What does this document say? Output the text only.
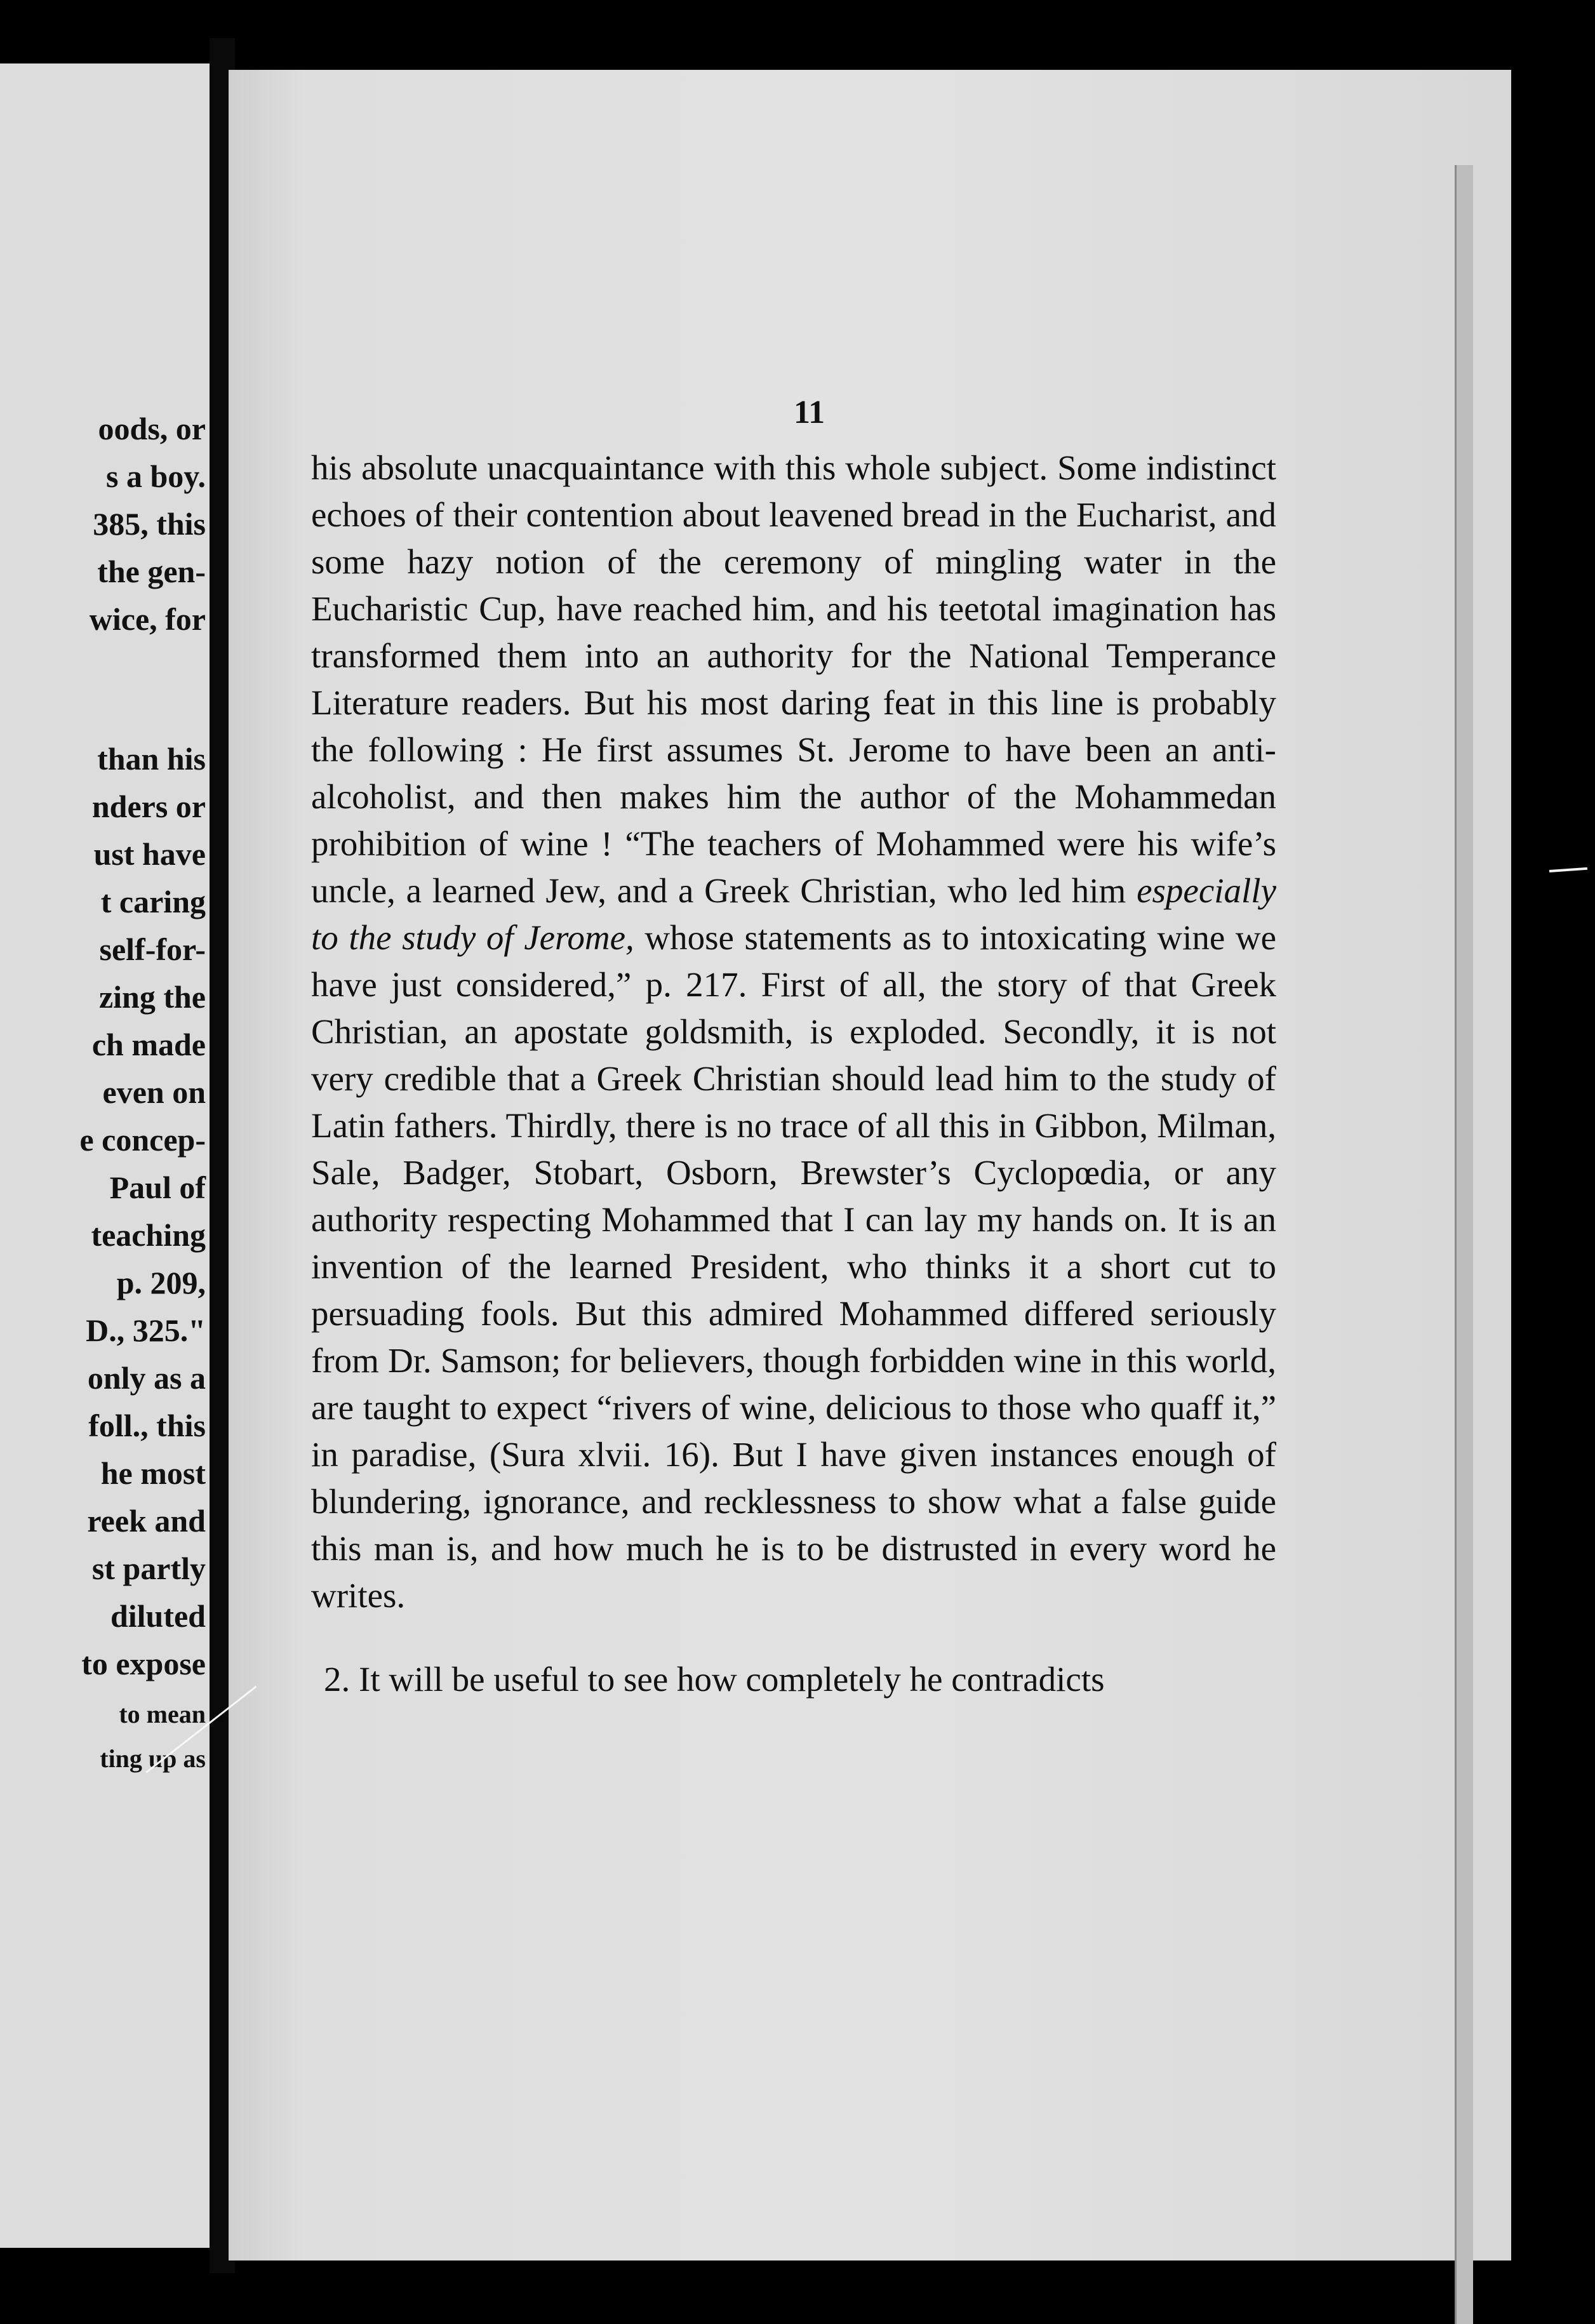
oods, or
s a boy.
385, this
the gen-
wice, for
than his
nders or
ust have
t caring
self-for-
zing the
ch made
even on
e concep-
Paul of
teaching
p. 209,
D., 325."
only as a
foll., this
he most
reek and
st partly
diluted
to expose
to mean
ting up as
11

his absolute unacquaintance with this whole subject. Some indistinct echoes of their contention about leavened bread in the Eucharist, and some hazy notion of the ceremony of mingling water in the Eucharistic Cup, have reached him, and his teetotal imagination has transformed them into an authority for the National Temperance Literature readers. But his most daring feat in this line is probably the following : He first assumes St. Jerome to have been an anti-alcoholist, and then makes him the author of the Mohammedan prohibition of wine ! “The teachers of Mohammed were his wife’s uncle, a learned Jew, and a Greek Christian, who led him especially to the study of Jerome, whose statements as to intoxicating wine we have just considered,” p. 217. First of all, the story of that Greek Christian, an apostate goldsmith, is exploded. Secondly, it is not very credible that a Greek Christian should lead him to the study of Latin fathers. Thirdly, there is no trace of all this in Gibbon, Milman, Sale, Badger, Stobart, Osborn, Brewster’s Cyclopœdia, or any authority respecting Mohammed that I can lay my hands on. It is an invention of the learned President, who thinks it a short cut to persuading fools. But this admired Mohammed differed seriously from Dr. Samson; for believers, though forbidden wine in this world, are taught to expect “rivers of wine, delicious to those who quaff it,” in paradise, (Sura xlvii. 16). But I have given instances enough of blundering, ignorance, and recklessness to show what a false guide this man is, and how much he is to be distrusted in every word he writes.

2. It will be useful to see how completely he contradicts
